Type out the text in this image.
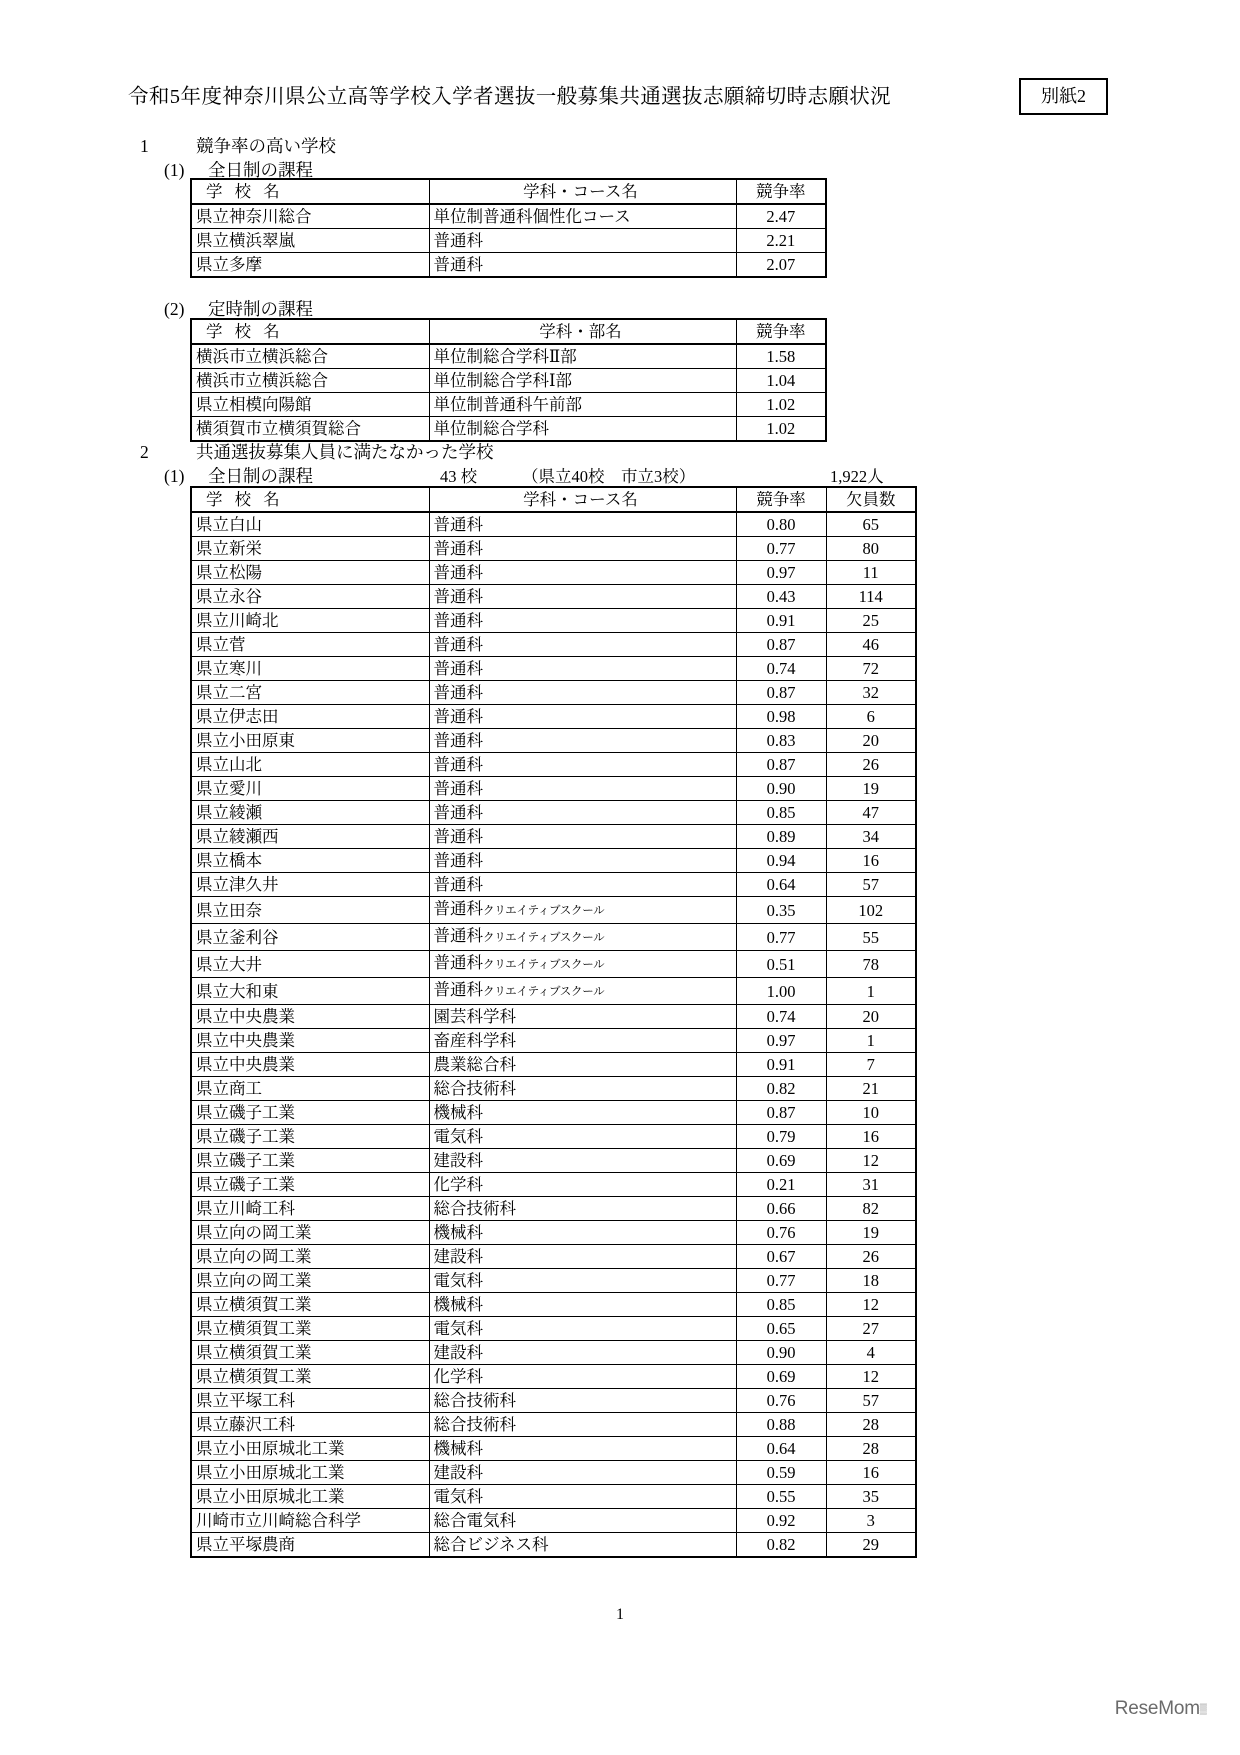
令和5年度神奈川県公立高等学校入学者選抜一般募集共通選抜志願締切時志願状況	別紙2
1	競争率の高い学校
(1) 全日制の課程
学 校 名	学科・コース名	競争率
県立神奈川総合	単位制普通科個性化コース	2.47
県立横浜翠嵐	普通科	2.21
県立多摩	普通科	2.07
(2) 定時制の課程
学 校 名	学科・部名	競争率
横浜市立横浜総合	単位制総合学科Ⅱ部	1.58
横浜市立横浜総合	単位制総合学科Ⅰ部	1.04
県立相模向陽館	単位制普通科午前部	1.02
横須賀市立横須賀総合	単位制総合学科	1.02
2	共通選抜募集人員に満たなかった学校
(1) 全日制の課程	43 校	（県立40校　市立3校）	1,922人
学 校 名	学科・コース名	競争率	欠員数
県立白山	普通科	0.80	65
県立新栄	普通科	0.77	80
県立松陽	普通科	0.97	11
県立永谷	普通科	0.43	114
県立川崎北	普通科	0.91	25
県立菅	普通科	0.87	46
県立寒川	普通科	0.74	72
県立二宮	普通科	0.87	32
県立伊志田	普通科	0.98	6
県立小田原東	普通科	0.83	20
県立山北	普通科	0.87	26
県立愛川	普通科	0.90	19
県立綾瀬	普通科	0.85	47
県立綾瀬西	普通科	0.89	34
県立橋本	普通科	0.94	16
県立津久井	普通科	0.64	57
県立田奈	普通科クリエイティブスクール	0.35	102
県立釜利谷	普通科クリエイティブスクール	0.77	55
県立大井	普通科クリエイティブスクール	0.51	78
県立大和東	普通科クリエイティブスクール	1.00	1
県立中央農業	園芸科学科	0.74	20
県立中央農業	畜産科学科	0.97	1
県立中央農業	農業総合科	0.91	7
県立商工	総合技術科	0.82	21
県立磯子工業	機械科	0.87	10
県立磯子工業	電気科	0.79	16
県立磯子工業	建設科	0.69	12
県立磯子工業	化学科	0.21	31
県立川崎工科	総合技術科	0.66	82
県立向の岡工業	機械科	0.76	19
県立向の岡工業	建設科	0.67	26
県立向の岡工業	電気科	0.77	18
県立横須賀工業	機械科	0.85	12
県立横須賀工業	電気科	0.65	27
県立横須賀工業	建設科	0.90	4
県立横須賀工業	化学科	0.69	12
県立平塚工科	総合技術科	0.76	57
県立藤沢工科	総合技術科	0.88	28
県立小田原城北工業	機械科	0.64	28
県立小田原城北工業	建設科	0.59	16
県立小田原城北工業	電気科	0.55	35
川崎市立川崎総合科学	総合電気科	0.92	3
県立平塚農商	総合ビジネス科	0.82	29
1
ReseMom▒
